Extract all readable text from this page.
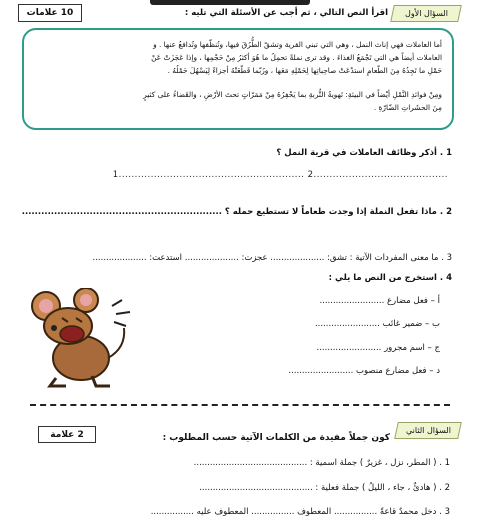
10 علامات	السؤال الأول
اقرأ النص التالي ، ثم أجب عن الأسئلة التي تليه :
أما العاملات فهي إناث النمل ، وهي التي تبني القرية وتشقّ الطُّرُقَ فيها، وتُنظّفها وتُدافعُ عنها . و
العاملات أيضاً هي التي تَجْمَعُ الغذاءَ . وقد ترى نملةً تحمِلُ ما هُوَ أكثرُ مِنْ حَجْمِها ، وإذا عَجَزَتْ عَنْ
حَمْلِ ما تَجِدُهُ مِنَ الطّعامِ استدْعَتْ صاحِباتِها لِحَمْلِهِ مَعَها ، ورُبّما قَطّعَتْهُ أجزاءً لِيَسْهُلَ حَمْلُهُ .
ومِنْ فوائدِ النَّمْلِ أيْضاً في البيئةِ: تَهويةُ التُّربةِ بما يَحْفِرُهُ مِنْ مَمَرّاتٍ تحتَ الأرْضِ ، والقَضاءُ على كثيرٍ
مِنَ الحشَراتِ الضّارّةِ .
1 . أذكر وظائف العاملات في قرية النمل ؟
..........................................2 ..........................................................1
2 . ماذا تفعل النملة إذا وجدت طعاماً لا تستطيع حمله ؟ ..............................................................
3 . ما معنى المفردات الآتية : تشق: .................... عجزت: .................... استدعت: ....................
4 . استخرج من النص ما يلي :
أ – فعل مضارع ........................
ب – ضمير غائب ........................
ج – اسم مجرور ........................
د – فعل مضارع منصوب ........................
2 علامة	السؤال الثاني
كون جملاً مفيدة من الكلمات الآتية حسب المطلوب :
1 . ( المطر، نزل ، غزيرٌ ) جملة اسمية : ..........................................
2 . ( هادئٌ ، جاء ، الليلُ ) جملة فعلية : ..........................................
3 . دخل محمدٌ قاعةً ................ المعطوف ................ المعطوف عليه ................
